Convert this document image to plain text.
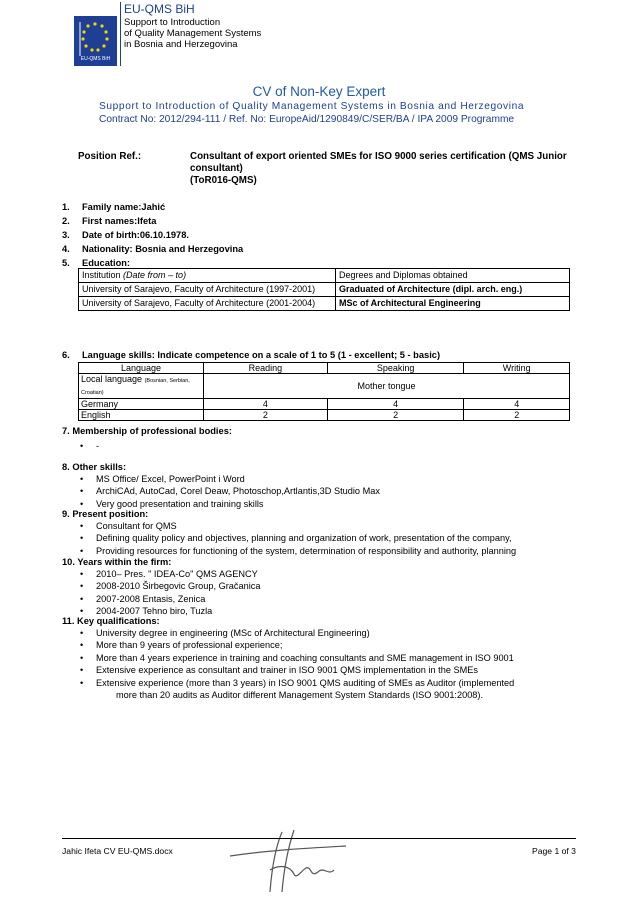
EU-QMS BiH
EU-QMS BiH
Support to Introduction
of Quality Management Systems
in Bosnia and Herzegovina
CV of Non-Key Expert
Support to Introduction of Quality Management Systems in Bosnia and Herzegovina
Contract No: 2012/294-111 / Ref. No: EuropeAid/1290849/C/SER/BA / IPA 2009 Programme
Position Ref.:	Consultant of export oriented SMEs for ISO 9000 series certification (QMS Junior consultant)
(ToR016-QMS)
1. Family name:Jahić
2. First names:Ifeta
3. Date of birth:06.10.1978.
4. Nationality: Bosnia and Herzegovina
5. Education:
Institution (Date from – to)	Degrees and Diplomas obtained
University of Sarajevo, Faculty of Architecture (1997-2001)	Graduated of Architecture (dipl. arch. eng.)
University of Sarajevo, Faculty of Architecture (2001-2004)	MSc of Architectural Engineering
6. Language skills: Indicate competence on a scale of 1 to 5 (1 - excellent; 5 - basic)
Language	Reading	Speaking	Writing
Local language (Bosnian, Serbian, Croatian)	Mother tongue		
Germany	4	4	4
English	2	2	2
7. Membership of professional bodies:
• -
8. Other skills:
• MS Office/ Excel, PowerPoint i Word
• ArchiCAd, AutoCad, Corel Deaw, Photoschop,Artlantis,3D Studio Max
• Very good presentation and training skills
9. Present position:
• Consultant for QMS
• Defining quality policy and objectives, planning and organization of work, presentation of the company,
• Providing resources for functioning of the system, determination of responsibility and authority, planning
10. Years within the firm:
• 2010– Pres. " IDEA-Co" QMS AGENCY
• 2008-2010 Širbegovic Group, Gračanica
• 2007-2008 Entasis, Zenica
• 2004-2007 Tehno biro, Tuzla
11. Key qualifications:
• University degree in engineering (MSc of Architectural Engineering)
• More than 9 years of professional experience;
• More than 4 years experience in training and coaching consultants and SME management in ISO 9001
• Extensive experience as consultant and trainer in ISO 9001 QMS implementation in the SMEs
• Extensive experience (more than 3 years) in ISO 9001 QMS auditing of SMEs as Auditor (implemented
more than 20 audits as Auditor different Management System Standards (ISO 9001:2008).
Jahic Ifeta CV EU-QMS.docx	Page 1 of 3
